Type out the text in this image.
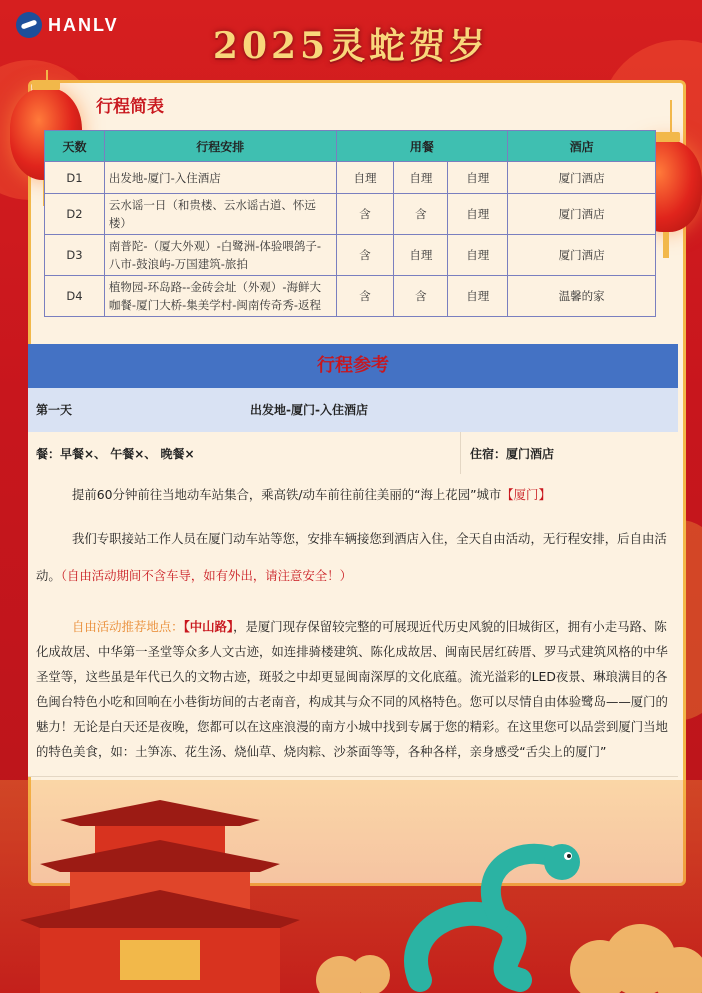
HANLV
2025灵蛇贺岁
行程简表
天数	行程安排	用餐			酒店
D1	出发地-厦门-入住酒店	自理	自理	自理	厦门酒店
D2	云水谣一日（和贵楼、云水谣古道、怀远楼）	含	含	自理	厦门酒店
D3	南普陀-（厦大外观）-白鹭洲-体验喂鸽子-八市-鼓浪屿-万国建筑-旅拍	含	自理	自理	厦门酒店
D4	植物园-环岛路--金砖会址（外观）-海鲜大咖餐-厦门大桥-集美学村-闽南传奇秀-返程	含	含	自理	温馨的家
行程参考
第一天	出发地-厦门-入住酒店
餐：早餐×、 午餐×、 晚餐×	住宿：厦门酒店
提前60分钟前往当地动车站集合，乘高铁/动车前往前往美丽的“海上花园”城市【厦门】
我们专职接站工作人员在厦门动车站等您，安排车辆接您到酒店入住，全天自由活动，无行程安排，后自由活动。（自由活动期间不含车导，如有外出，请注意安全！）
自由活动推荐地点：【中山路】，是厦门现存保留较完整的可展现近代历史风貌的旧城街区，拥有小走马路、陈化成故居、中华第一圣堂等众多人文古迹，如连排骑楼建筑、陈化成故居、闽南民居红砖厝、罗马式建筑风格的中华圣堂等，这些虽是年代已久的文物古迹，斑驳之中却更显闽南深厚的文化底蕴。流光溢彩的LED夜景、琳琅满目的各色闽台特色小吃和回响在小巷街坊间的古老南音，构成其与众不同的风格特色。您可以尽情自由体验鹭岛——厦门的魅力！无论是白天还是夜晚，您都可以在这座浪漫的南方小城中找到专属于您的精彩。在这里您可以品尝到厦门当地的特色美食，如：土笋冻、花生汤、烧仙草、烧肉粽、沙茶面等等，各种各样，亲身感受“舌尖上的厦门”
